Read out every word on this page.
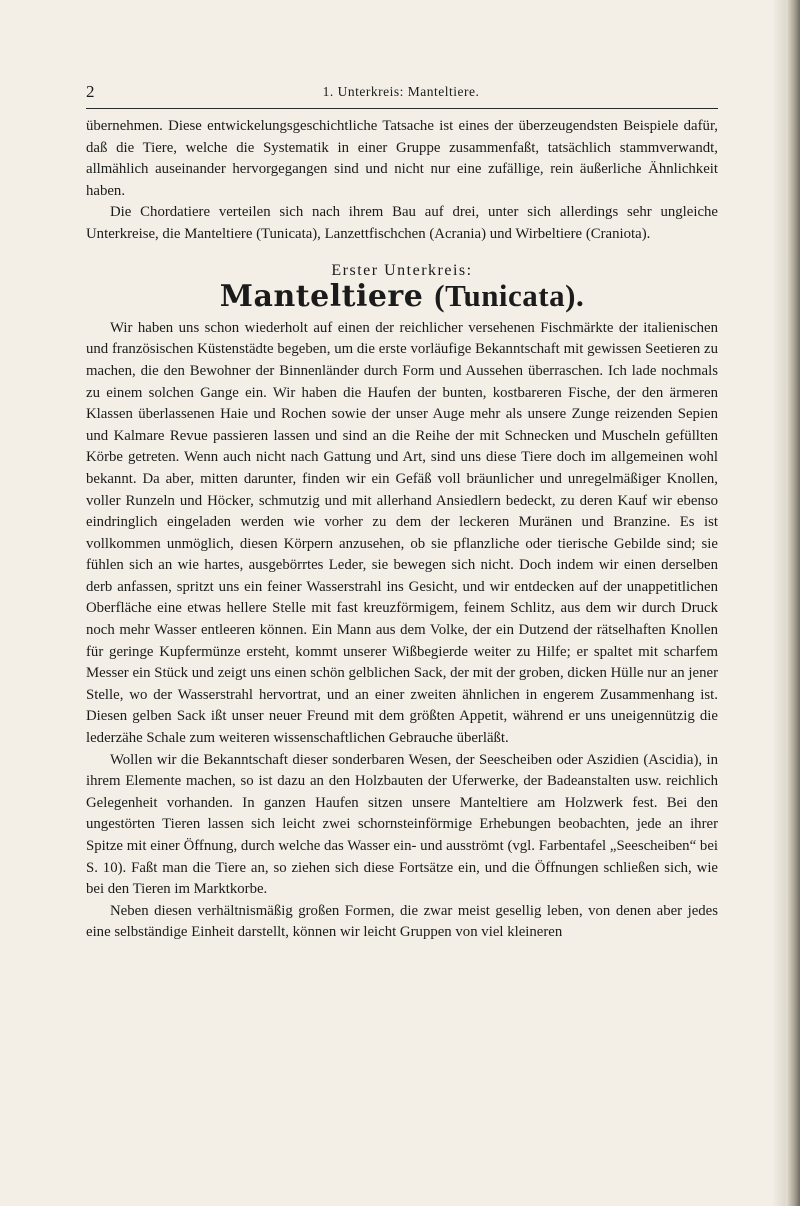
2	1. Unterkreis: Manteltiere.

übernehmen. Diese entwickelungsgeschichtliche Tatsache ist eines der überzeugendsten Beispiele dafür, daß die Tiere, welche die Systematik in einer Gruppe zusammenfaßt, tatsächlich stammverwandt, allmählich auseinander hervorgegangen sind und nicht nur eine zufällige, rein äußerliche Ähnlichkeit haben.

Die Chordatiere verteilen sich nach ihrem Bau auf drei, unter sich allerdings sehr ungleiche Unterkreise, die Manteltiere (Tunicata), Lanzettfischchen (Acrania) und Wirbeltiere (Craniota).

Erster Unterkreis:
Manteltiere (Tunicata).

Wir haben uns schon wiederholt auf einen der reichlicher versehenen Fischmärkte der italienischen und französischen Küstenstädte begeben, um die erste vorläufige Bekanntschaft mit gewissen Seetieren zu machen, die den Bewohner der Binnenländer durch Form und Aussehen überraschen. Ich lade nochmals zu einem solchen Gange ein. Wir haben die Haufen der bunten, kostbareren Fische, der den ärmeren Klassen überlassenen Haie und Rochen sowie der unser Auge mehr als unsere Zunge reizenden Sepien und Kalmare Revue passieren lassen und sind an die Reihe der mit Schnecken und Muscheln gefüllten Körbe getreten. Wenn auch nicht nach Gattung und Art, sind uns diese Tiere doch im allgemeinen wohl bekannt. Da aber, mitten darunter, finden wir ein Gefäß voll bräunlicher und unregelmäßiger Knollen, voller Runzeln und Höcker, schmutzig und mit allerhand Ansiedlern bedeckt, zu deren Kauf wir ebenso eindringlich eingeladen werden wie vorher zu dem der leckeren Muränen und Branzine. Es ist vollkommen unmöglich, diesen Körpern anzusehen, ob sie pflanzliche oder tierische Gebilde sind; sie fühlen sich an wie hartes, ausgebörrtes Leder, sie bewegen sich nicht. Doch indem wir einen derselben derb anfassen, spritzt uns ein feiner Wasserstrahl ins Gesicht, und wir entdecken auf der unappetitlichen Oberfläche eine etwas hellere Stelle mit fast kreuzförmigem, feinem Schlitz, aus dem wir durch Druck noch mehr Wasser entleeren können. Ein Mann aus dem Volke, der ein Dutzend der rätselhaften Knollen für geringe Kupfermünze ersteht, kommt unserer Wißbegierde weiter zu Hilfe; er spaltet mit scharfem Messer ein Stück und zeigt uns einen schön gelblichen Sack, der mit der groben, dicken Hülle nur an jener Stelle, wo der Wasserstrahl hervortrat, und an einer zweiten ähnlichen in engerem Zusammenhang ist. Diesen gelben Sack ißt unser neuer Freund mit dem größten Appetit, während er uns uneigennützig die lederzähe Schale zum weiteren wissenschaftlichen Gebrauche überläßt.

Wollen wir die Bekanntschaft dieser sonderbaren Wesen, der Seescheiben oder Aszidien (Ascidia), in ihrem Elemente machen, so ist dazu an den Holzbauten der Uferwerke, der Badeanstalten usw. reichlich Gelegenheit vorhanden. In ganzen Haufen sitzen unsere Manteltiere am Holzwerk fest. Bei den ungestörten Tieren lassen sich leicht zwei schornsteinförmige Erhebungen beobachten, jede an ihrer Spitze mit einer Öffnung, durch welche das Wasser ein- und ausströmt (vgl. Farbentafel „Seescheiben“ bei S. 10). Faßt man die Tiere an, so ziehen sich diese Fortsätze ein, und die Öffnungen schließen sich, wie bei den Tieren im Marktkorbe.

Neben diesen verhältnismäßig großen Formen, die zwar meist gesellig leben, von denen aber jedes eine selbständige Einheit darstellt, können wir leicht Gruppen von viel kleineren
